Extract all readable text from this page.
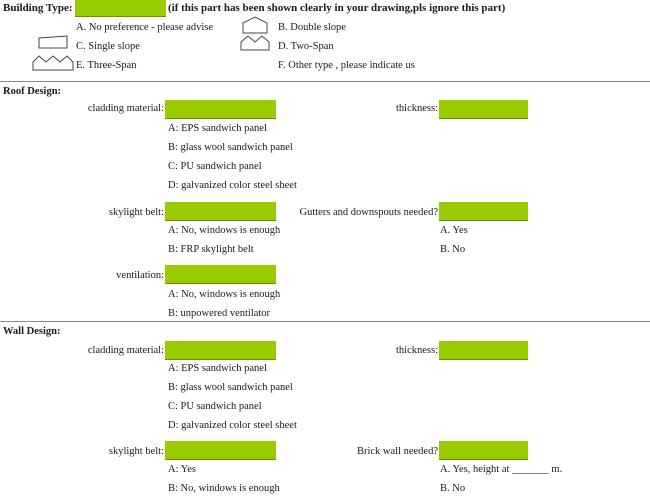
Building Type:	(if this part has been shown clearly in your drawing,pls ignore this part)
A. No preference - please advise	B. Double slope
C. Single slope	D. Two-Span
E. Three-Span	F. Other type , please indicate us
Roof Design:
cladding material:	thickness:
A: EPS sandwich panel
B: glass wool sandwich panel
C: PU sandwich panel
D: galvanized color steel sheet
skylight belt:	Gutters and downspouts needed?
A: No, windows is enough	A. Yes
B: FRP skylight belt	B. No
ventilation:
A: No, windows is enough
B: unpowered ventilator
Wall Design:
cladding material:	thickness:
A: EPS sandwich panel
B: glass wool sandwich panel
C: PU sandwich panel
D: galvanized color steel sheet
skylight belt:	Brick wall needed?
A: Yes	A. Yes, height at _______ m.
B: No, windows is enough	B. No
